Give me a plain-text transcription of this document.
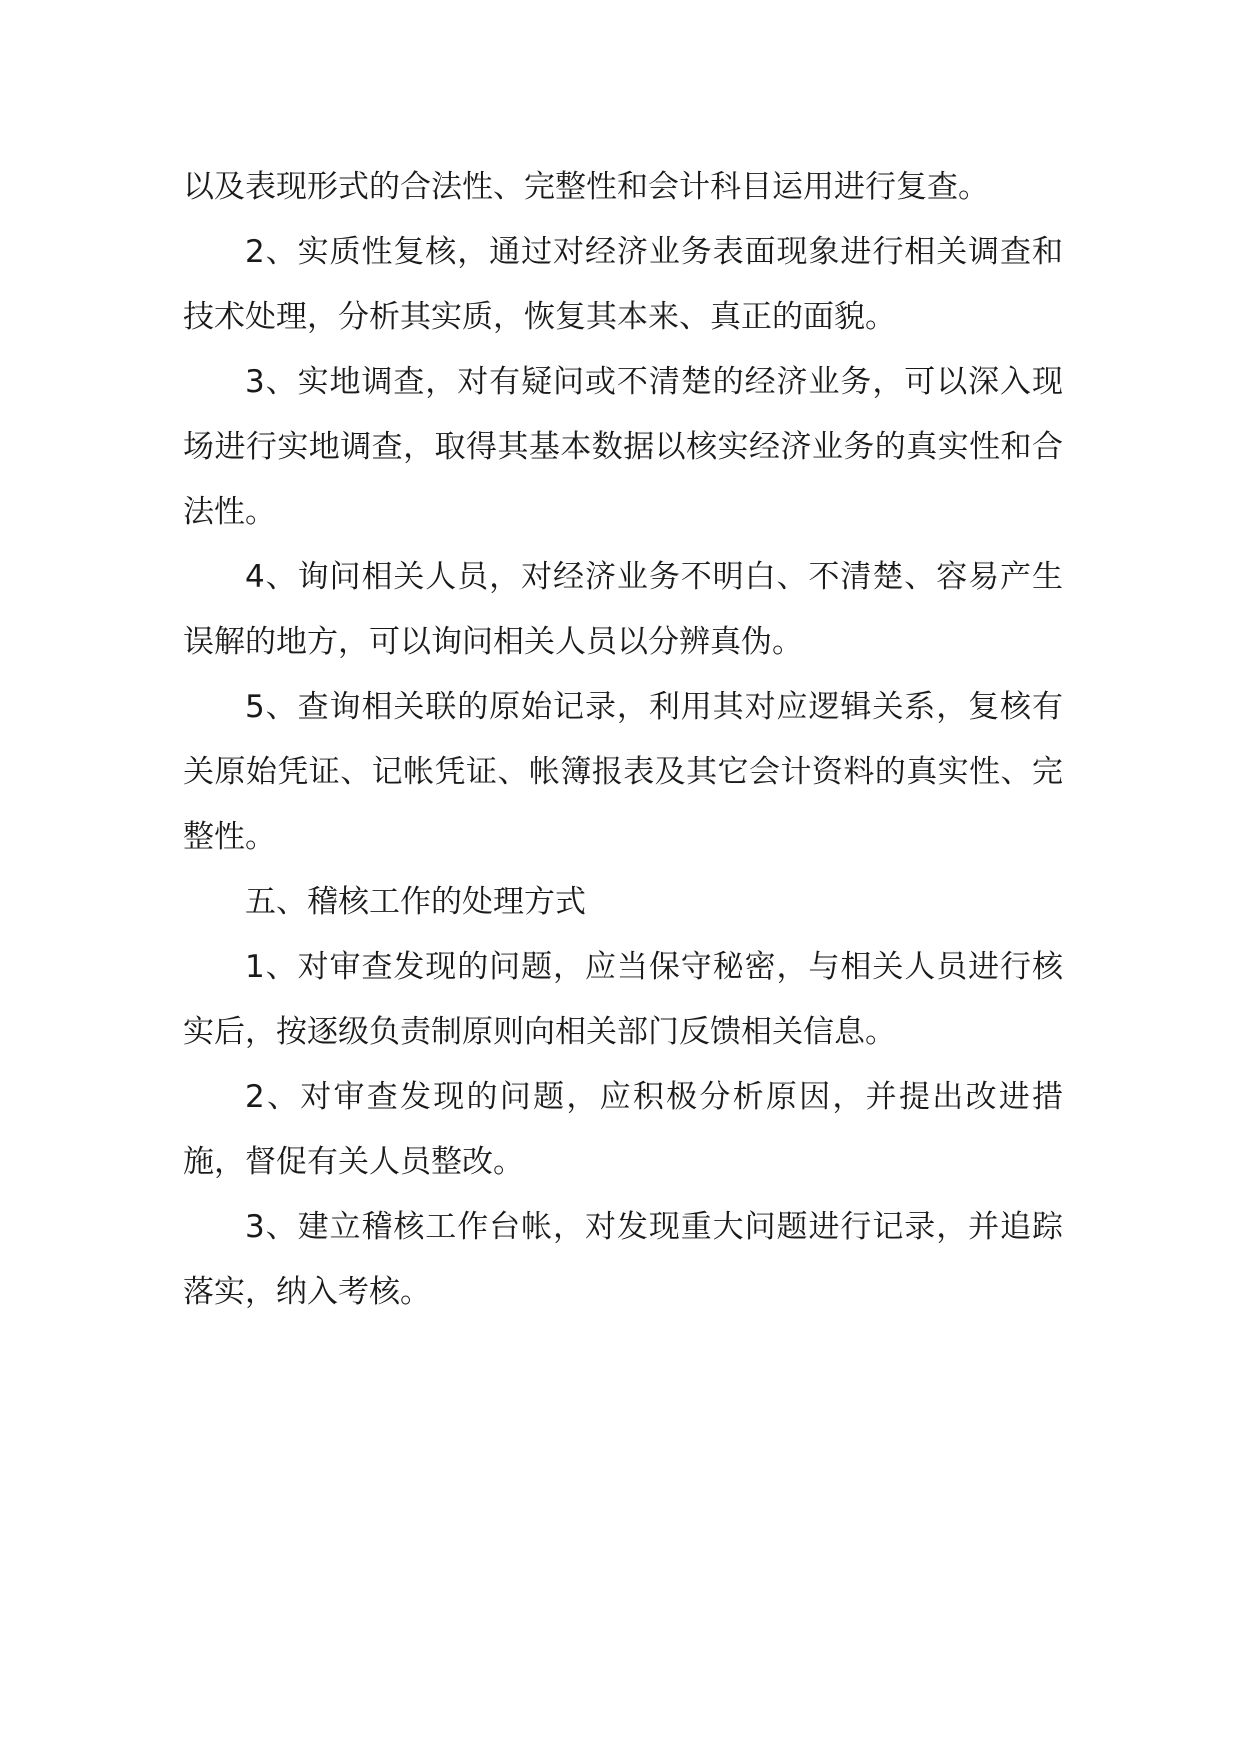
以及表现形式的合法性、完整性和会计科目运用进行复查。

2、实质性复核，通过对经济业务表面现象进行相关调查和技术处理，分析其实质，恢复其本来、真正的面貌。

3、实地调查，对有疑问或不清楚的经济业务，可以深入现场进行实地调查，取得其基本数据以核实经济业务的真实性和合法性。

4、询问相关人员，对经济业务不明白、不清楚、容易产生误解的地方，可以询问相关人员以分辨真伪。

5、查询相关联的原始记录，利用其对应逻辑关系，复核有关原始凭证、记帐凭证、帐簿报表及其它会计资料的真实性、完整性。

五、稽核工作的处理方式

1、对审查发现的问题，应当保守秘密，与相关人员进行核实后，按逐级负责制原则向相关部门反馈相关信息。

2、对审查发现的问题，应积极分析原因，并提出改进措施，督促有关人员整改。

3、建立稽核工作台帐，对发现重大问题进行记录，并追踪落实，纳入考核。
